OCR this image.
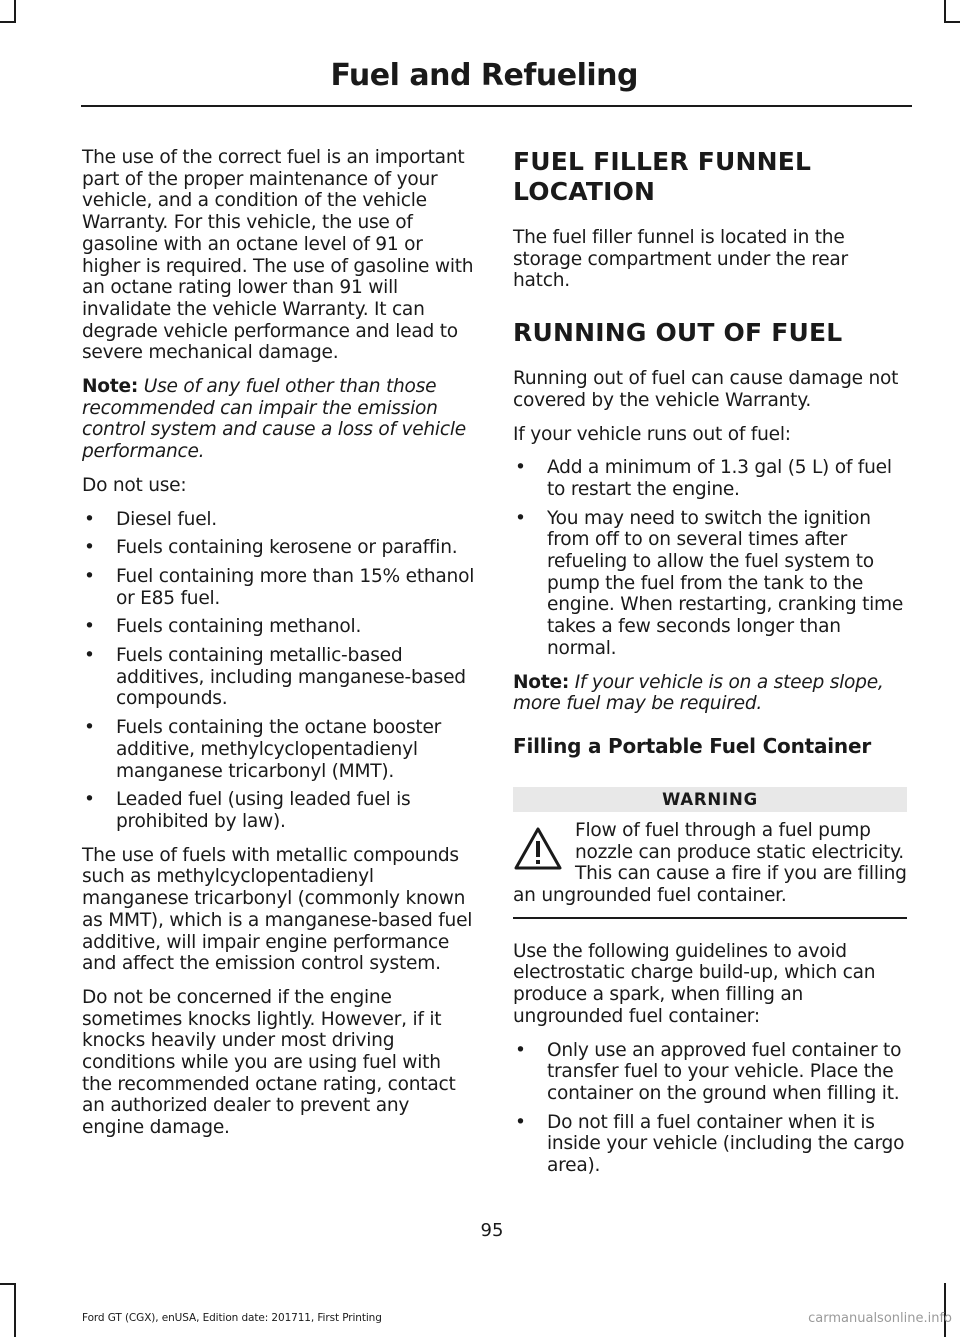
Fuel and Refueling

The use of the correct fuel is an important part of the proper maintenance of your vehicle, and a condition of the vehicle Warranty. For this vehicle, the use of gasoline with an octane level of 91 or higher is required. The use of gasoline with an octane rating lower than 91 will invalidate the vehicle Warranty. It can degrade vehicle performance and lead to severe mechanical damage.

Note: Use of any fuel other than those recommended can impair the emission control system and cause a loss of vehicle performance.

Do not use:

• Diesel fuel.
• Fuels containing kerosene or paraffin.
• Fuel containing more than 15% ethanol or E85 fuel.
• Fuels containing methanol.
• Fuels containing metallic-based additives, including manganese-based compounds.
• Fuels containing the octane booster additive, methylcyclopentadienyl manganese tricarbonyl (MMT).
• Leaded fuel (using leaded fuel is prohibited by law).

The use of fuels with metallic compounds such as methylcyclopentadienyl manganese tricarbonyl (commonly known as MMT), which is a manganese-based fuel additive, will impair engine performance and affect the emission control system.

Do not be concerned if the engine sometimes knocks lightly. However, if it knocks heavily under most driving conditions while you are using fuel with the recommended octane rating, contact an authorized dealer to prevent any engine damage.

FUEL FILLER FUNNEL
LOCATION

The fuel filler funnel is located in the storage compartment under the rear hatch.

RUNNING OUT OF FUEL

Running out of fuel can cause damage not covered by the vehicle Warranty.

If your vehicle runs out of fuel:

• Add a minimum of 1.3 gal (5 L) of fuel to restart the engine.
• You may need to switch the ignition from off to on several times after refueling to allow the fuel system to pump the fuel from the tank to the engine. When restarting, cranking time takes a few seconds longer than normal.

Note: If your vehicle is on a steep slope, more fuel may be required.

Filling a Portable Fuel Container
WARNING

Flow of fuel through a fuel pump nozzle can produce static electricity. This can cause a fire if you are filling an ungrounded fuel container.

Use the following guidelines to avoid electrostatic charge build-up, which can produce a spark, when filling an ungrounded fuel container:

• Only use an approved fuel container to transfer fuel to your vehicle. Place the container on the ground when filling it.
• Do not fill a fuel container when it is inside your vehicle (including the cargo area).
95
Ford GT (CGX), enUSA, Edition date: 201711, First Printing	carmanualsonline.info
